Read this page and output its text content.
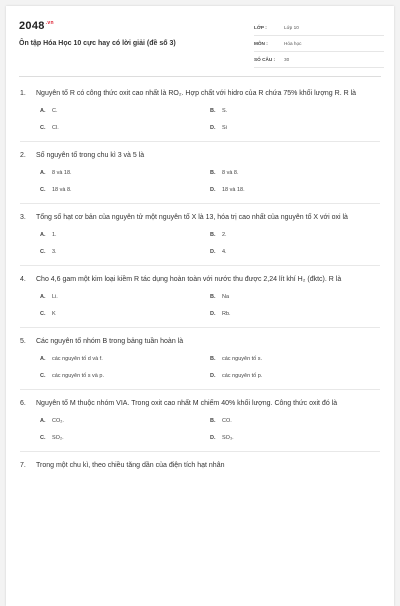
$2048^{.vn}$
Ôn tập Hóa Học 10 cực hay có lời giải (đề số 3)
LỚP :	Lớp 10
MÔN :	Hóa học
SỐ CÂU :	30
1.	Nguyên tố R có công thức oxit cao nhất là RO₂. Hợp chất với hidro của R chứa 75% khối lượng R. R là
A.	C.	B.	S.
C.	Cl.	D.	Si
2.	Số nguyên tố trong chu kì 3 và 5 là
A.	8 và 18.	B.	8 và 8.
C.	18 và 8.	D.	18 và 18.
3.	Tổng số hạt cơ bản của nguyên tử một nguyên tố X là 13, hóa trị cao nhất của nguyên tố X với oxi là
A.	1.	B.	2.
C.	3.	D.	4.
4.	Cho 4,6 gam một kim loại kiềm R tác dụng hoàn toàn với nước thu được 2,24 lít khí H₂ (đktc). R là
A.	Li.	B.	Na
C.	K	D.	Rb.
5.	Các nguyên tố nhóm B trong bảng tuần hoàn là
A.	các nguyên tố d và f.	B.	các nguyên tố s.
C.	các nguyên tố s và p.	D.	các nguyên tố p.
6.	Nguyên tố M thuộc nhóm VIA. Trong oxit cao nhất M chiếm 40% khối lượng. Công thức oxit đó là
A.	CO₂.	B.	CO.
C.	SO₂.	D.	SO₃.
7.	Trong một chu kì, theo chiều tăng dần của điện tích hạt nhân
